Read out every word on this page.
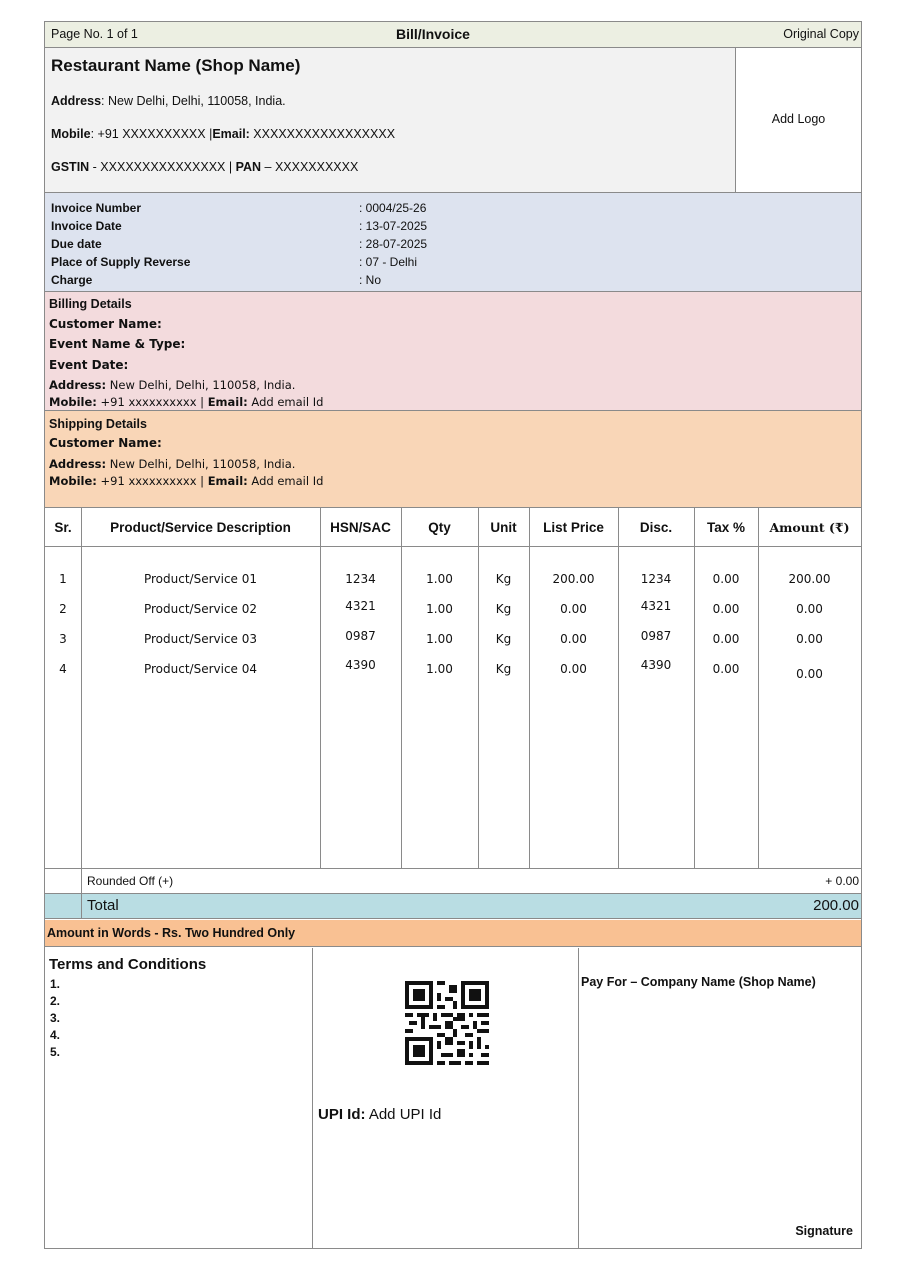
Page No. 1 of 1	Bill/Invoice	Original Copy
Restaurant Name (Shop Name)
Address: New Delhi, Delhi, 110058, India.
Mobile: +91 XXXXXXXXXX |Email: XXXXXXXXXXXXXXXXX
GSTIN - XXXXXXXXXXXXXXX | PAN – XXXXXXXXXX
Add Logo
Invoice Number	: 0004/25-26
Invoice Date	: 13-07-2025
Due date	: 28-07-2025
Place of Supply Reverse	: 07 - Delhi
Charge	: No
Billing Details
Customer Name:
Event Name & Type:
Event Date:
Address: New Delhi, Delhi, 110058, India.
Mobile: +91 xxxxxxxxxx | Email: Add email Id
Shipping Details
Customer Name:
Address: New Delhi, Delhi, 110058, India.
Mobile: +91 xxxxxxxxxx | Email: Add email Id
Sr.	Product/Service Description	HSN/SAC	Qty	Unit	List Price	Disc.	Tax %	Amount (₹)
1	Product/Service 01	1234	1.00	Kg	200.00	1234	0.00	200.00
2	Product/Service 02	4321	1.00	Kg	0.00	4321	0.00	0.00
3	Product/Service 03	0987	1.00	Kg	0.00	0987	0.00	0.00
4	Product/Service 04	4390	1.00	Kg	0.00	4390	0.00	0.00
Rounded Off (+)	+ 0.00
Total	200.00
Amount in Words - Rs. Two Hundred Only
Terms and Conditions
1.
2.
3.
4.
5.
UPI Id: Add UPI Id
Pay For – Company Name (Shop Name)
Signature
